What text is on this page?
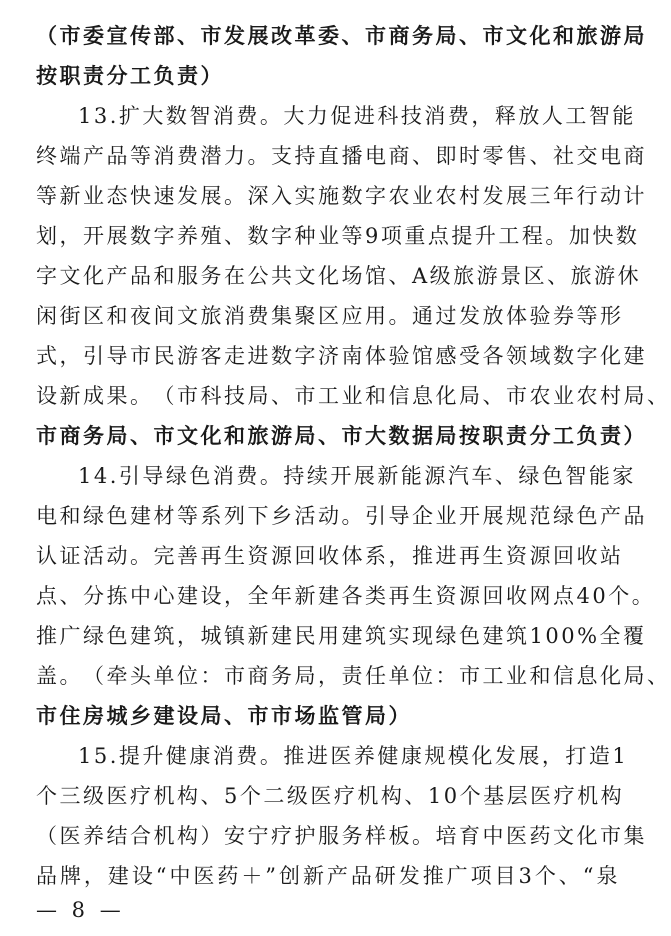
（ 市 委 宣 传 部 、 市 发 展 改 革 委 、 市 商 务 局 、 市 文 化 和 旅 游 局
按职责分工负责）
13 . 扩 大 数 智 消 费 。 大 力 促 进 科 技 消 费 ， 释 放 人 工 智 能
终 端 产 品 等 消 费 潜 力 。 支 持 直 播 电 商 、 即 时 零 售 、 社 交 电 商
等 新 业 态 快 速 发 展 。 深 入 实 施 数 字 农 业 农 村 发 展 三 年 行 动 计
划 ， 开 展 数 字 养 殖 、 数 字 种 业 等 9 项 重 点 提 升 工 程 。 加 快 数
字 文 化 产 品 和 服 务 在 公 共 文 化 场 馆 、 A 级 旅 游 景 区 、 旅 游 休
闲 街 区 和 夜 间 文 旅 消 费 集 聚 区 应 用 。 通 过 发 放 体 验 券 等 形
式 ， 引 导 市 民 游 客 走 进 数 字 济 南 体 验 馆 感 受 各 领 域 数 字 化 建
设 新 成 果 。 （ 市 科 技 局 、 市 工 业 和 信 息 化 局 、 市 农 业 农 村 局 、
市商务局、市文化和旅游局、市大数据局按职责分工负责）
14 . 引 导 绿 色 消 费 。 持 续 开 展 新 能 源 汽 车 、 绿 色 智 能 家
电 和 绿 色 建 材 等 系 列 下 乡 活 动 。 引 导 企 业 开 展 规 范 绿 色 产 品
认 证 活 动 。 完 善 再 生 资 源 回 收 体 系 ， 推 进 再 生 资 源 回 收 站
点 、 分 拣 中 心 建 设 ， 全 年 新 建 各 类 再 生 资 源 回 收 网 点 40 个 。
推 广 绿 色 建 筑 ， 城 镇 新 建 民 用 建 筑 实 现 绿 色 建 筑 100% 全 覆
盖 。 （ 牵 头 单 位 ： 市 商 务 局 ， 责 任 单 位 ： 市 工 业 和 信 息 化 局 、
市住房城乡建设局、市市场监管局）
15 . 提 升 健 康 消 费 。 推 进 医 养 健 康 规 模 化 发 展 ， 打 造 1
个 三 级 医 疗 机 构 、 5 个 二 级 医 疗 机 构 、 10 个 基 层 医 疗 机 构
（ 医 养 结 合 机 构 ） 安 宁 疗 护 服 务 样 板 。 培 育 中 医 药 文 化 市 集
品 牌 ， 建 设 “ 中 医 药 ＋ ” 创 新 产 品 研 发 推 广 项 目 3 个 、 “ 泉
— 8 —
